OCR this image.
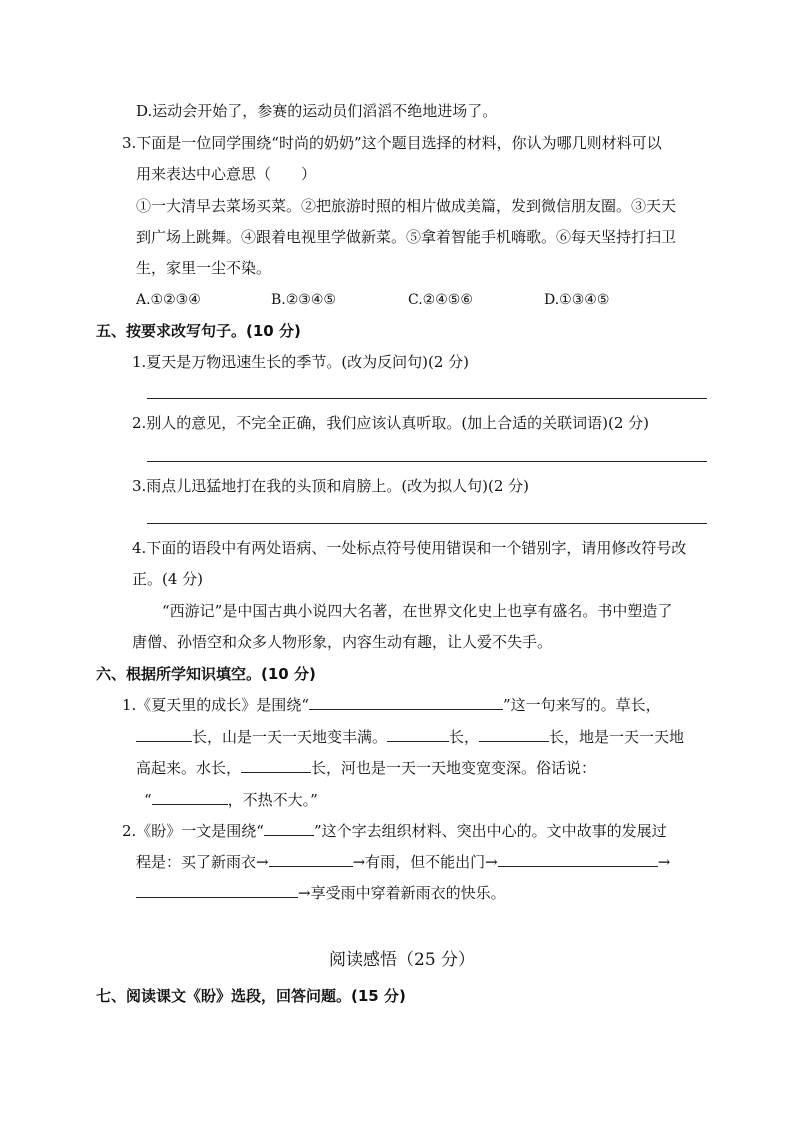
D.运动会开始了，参赛的运动员们滔滔不绝地进场了。
3.下面是一位同学围绕“时尚的奶奶”这个题目选择的材料，你认为哪几则材料可以
用来表达中心意思（　　）
①一大清早去菜场买菜。②把旅游时照的相片做成美篇，发到微信朋友圈。③天天
到广场上跳舞。④跟着电视里学做新菜。⑤拿着智能手机嗨歌。⑥每天坚持打扫卫
生，家里一尘不染。
A.①②③④	B.②③④⑤	C.②④⑤⑥	D.①③④⑤
五、按要求改写句子。(10 分)
1.夏天是万物迅速生长的季节。(改为反问句)(2 分)
2.别人的意见，不完全正确，我们应该认真听取。(加上合适的关联词语)(2 分)
3.雨点儿迅猛地打在我的头顶和肩膀上。(改为拟人句)(2 分)
4.下面的语段中有两处语病、一处标点符号使用错误和一个错别字，请用修改符号改
正。(4 分)
“西游记”是中国古典小说四大名著，在世界文化史上也享有盛名。书中塑造了
唐僧、孙悟空和众多人物形象，内容生动有趣，让人爱不失手。
六、根据所学知识填空。(10 分)
1.《夏天里的成长》是围绕“	”这一句来写的。草长，
长，山是一天一天地变丰满。	长，	长，地是一天一天地
高起来。水长，	长，河也是一天一天地变宽变深。俗话说：
“	，不热不大。”
2.《盼》一文是围绕“	”这个字去组织材料、突出中心的。文中故事的发展过
程是：买了新雨衣→	→有雨，但不能出门→	→
→享受雨中穿着新雨衣的快乐。
阅读感悟（25 分）
七、阅读课文《盼》选段，回答问题。(15 分)
